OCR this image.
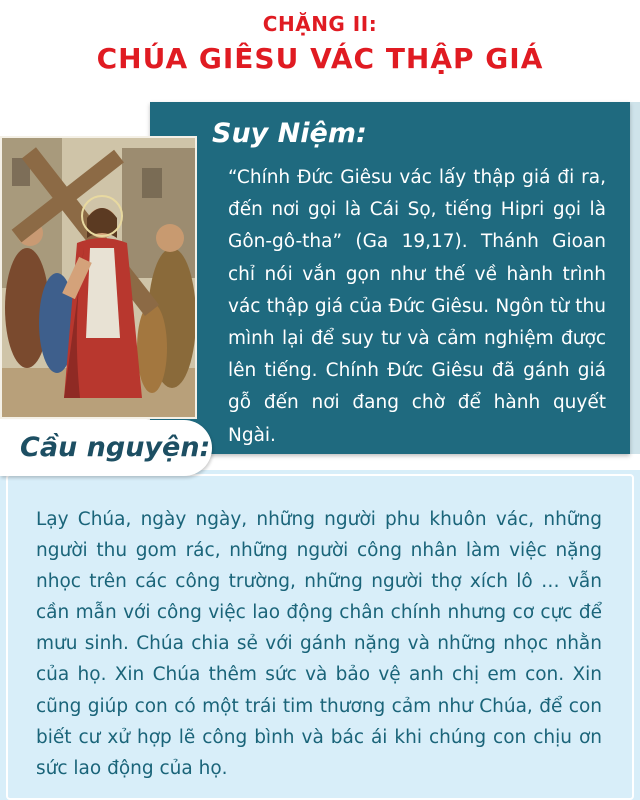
CHẶNG II:
CHÚA GIÊSU VÁC THẬP GIÁ
Suy Niệm:
“Chính Đức Giêsu vác lấy thập giá đi ra, đến nơi gọi là Cái Sọ, tiếng Hipri gọi là Gôn-gô-tha” (Ga 19,17). Thánh Gioan chỉ nói vắn gọn như thế về hành trình vác thập giá của Đức Giêsu. Ngôn từ thu mình lại để suy tư và cảm nghiệm được lên tiếng. Chính Đức Giêsu đã gánh giá gỗ đến nơi đang chờ để hành quyết Ngài.
Cầu nguyện:
Lạy Chúa, ngày ngày, những người phu khuôn vác, những người thu gom rác, những người công nhân làm việc nặng nhọc trên các công trường, những người thợ xích lô … vẫn cần mẫn với công việc lao động chân chính nhưng cơ cực để mưu sinh. Chúa chia sẻ với gánh nặng và những nhọc nhằn của họ. Xin Chúa thêm sức và bảo vệ anh chị em con. Xin cũng giúp con có một trái tim thương cảm như Chúa, để con biết cư xử hợp lẽ công bình và bác ái khi chúng con chịu ơn sức lao động của họ.
